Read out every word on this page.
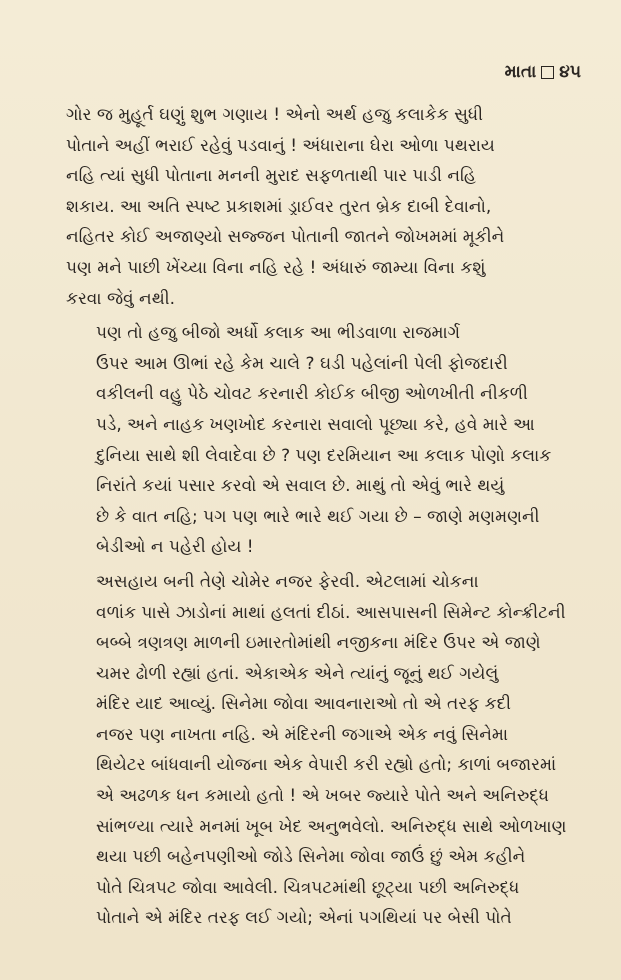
માતા ૪૫

ગોર જ મુહૂર્ત ઘણું શુભ ગણાય ! એનો અર્થ હજુ કલાકેક સુધી
પોતાને અહીં ભરાઈ રહેવું પડવાનું ! અંધારાના ઘેરા ઓળા પથરાય
નહિ ત્યાં સુધી પોતાના મનની મુરાદ સફળતાથી પાર પાડી નહિ
શકાય. આ અતિ સ્પષ્ટ પ્રકાશમાં ડ્રાઈવર તુરત બ્રેક દાબી દેવાનો,
નહિતર કોઈ અજાણ્યો સજ્જન પોતાની જાતને જોખમમાં મૂકીને
પણ મને પાછી ખેંચ્યા વિના નહિ રહે ! અંધારું જામ્યા વિના કશું
કરવા જેવું નથી.

પણ તો હજુ બીજો અર્ધો કલાક આ ભીડવાળા રાજમાર્ગ
ઉપર આમ ઊભાં રહે કેમ ચાલે ? ઘડી પહેલાંની પેલી ફોજદારી
વકીલની વહુ પેઠે ચોવટ કરનારી કોઈક બીજી ઓળખીતી નીકળી
પડે, અને નાહક ખણખોદ કરનારા સવાલો પૂછ્યા કરે, હવે મારે આ
દુનિયા સાથે શી લેવાદેવા છે ? પણ દરમિયાન આ કલાક પોણો કલાક
નિરાંતે કયાં પસાર કરવો એ સવાલ છે. માથું તો એવું ભારે થયું
છે કે વાત નહિ; પગ પણ ભારે ભારે થઈ ગયા છે – જાણે મણમણની
બેડીઓ ન પહેરી હોય !

અસહાય બની તેણે ચોમેર નજર ફેરવી. એટલામાં ચોકના
વળાંક પાસે ઝાડોનાં માથાં હલતાં દીઠાં. આસપાસની સિમેન્ટ કોન્ક્રીટની
બબ્બે ત્રણત્રણ માળની ઇમારતોમાંથી નજીકના મંદિર ઉપર એ જાણે
ચમર ઢોળી રહ્યાં હતાં. એકાએક એને ત્યાંનું જૂનું થઈ ગયેલું
મંદિર યાદ આવ્યું. સિનેમા જોવા આવનારાઓ તો એ તરફ કદી
નજર પણ નાખતા નહિ. એ મંદિરની જગાએ એક નવું સિનેમા
થિયેટર બાંધવાની યોજના એક વેપારી કરી રહ્યો હતો; કાળાં બજારમાં
એ અઢળક ધન કમાયો હતો ! એ ખબર જ્યારે પોતે અને અનિરુદ્ધ
સાંભળ્યા ત્યારે મનમાં ખૂબ ખેદ અનુભવેલો. અનિરુદ્ધ સાથે ઓળખાણ
થયા પછી બહેનપણીઓ જોડે સિનેમા જોવા જાઉં છું એમ કહીને
પોતે ચિત્રપટ જોવા આવેલી. ચિત્રપટમાંથી છૂટ્યા પછી અનિરુદ્ધ
પોતાને એ મંદિર તરફ લઈ ગયો; એનાં પગથિયાં પર બેસી પોતે
